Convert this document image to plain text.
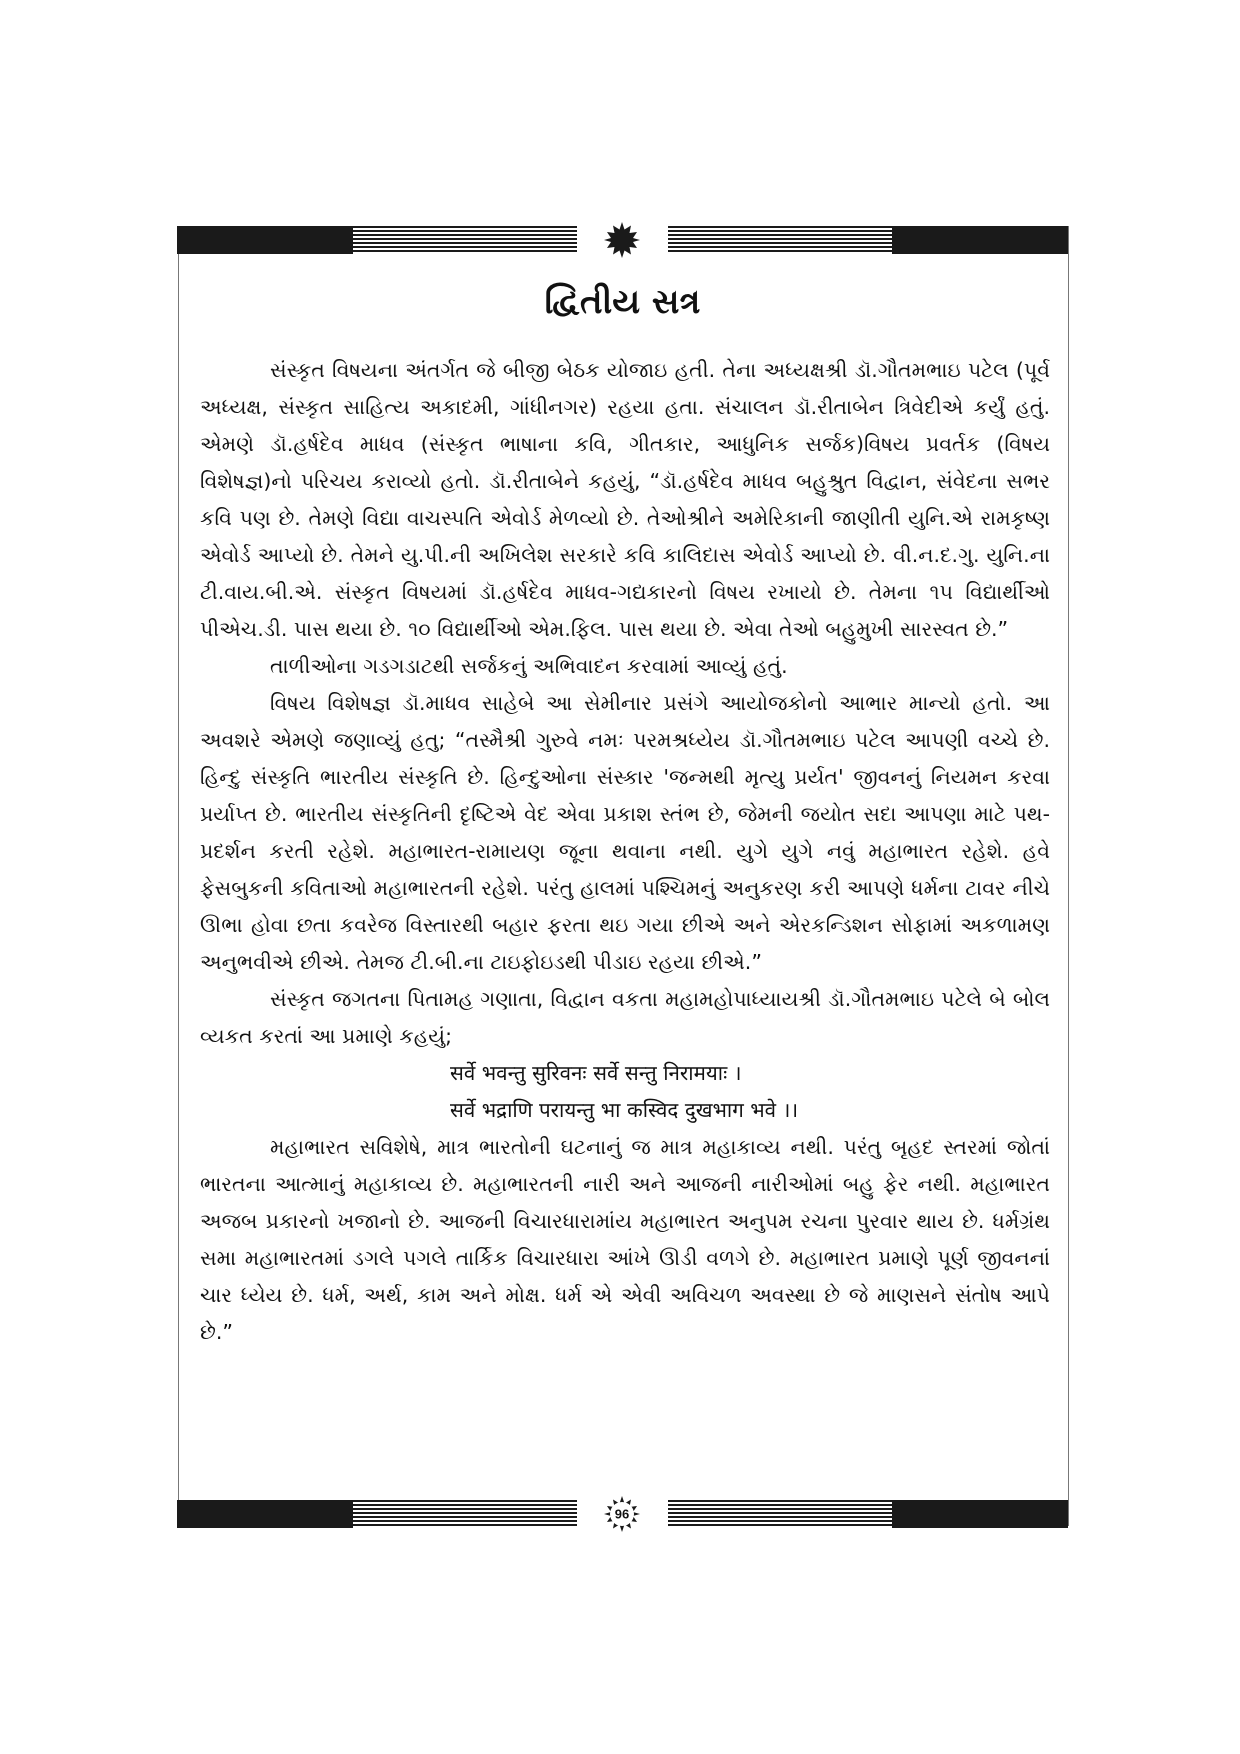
દ્વિતીય સત્ર

સંસ્કૃત વિષયના અંતર્ગત જે બીજી બેઠક યોજાઇ હતી. તેના અધ્યક્ષશ્રી ડૉ.ગૌતમભાઇ પટેલ (પૂર્વ અધ્યક્ષ, સંસ્કૃત સાહિત્ય અકાદમી, ગાંધીનગર) રહયા હતા. સંચાલન ડૉ.રીતાબેન ત્રિવેદીએ કર્યું હતું. એમણે ડૉ.હર્ષદેવ માધવ (સંસ્કૃત ભાષાના કવિ, ગીતકાર, આધુનિક સર્જક)વિષય પ્રવર્તક (વિષય વિશેષજ્ઞ)નો પરિચય કરાવ્યો હતો. ડૉ.રીતાબેને કહયું, “ડૉ.હર્ષદેવ માધવ બહુશ્રુત વિદ્વાન, સંવેદના સભર કવિ પણ છે. તેમણે વિદ્યા વાચસ્પતિ એવોર્ડ મેળવ્યો છે. તેઓશ્રીને અમેરિકાની જાણીતી યુનિ.એ રામકૃષ્ણ એવોર્ડ આપ્યો છે. તેમને યુ.પી.ની અખિલેશ સરકારે કવિ કાલિદાસ એવોર્ડ આપ્યો છે. વી.ન.દ.ગુ. યુનિ.ના ટી.વાય.બી.એ. સંસ્કૃત વિષયમાં ડૉ.હર્ષદેવ માધવ-ગદ્યકારનો વિષય રખાયો છે. તેમના ૧૫ વિદ્યાર્થીઓ પીએચ.ડી. પાસ થયા છે. ૧૦ વિદ્યાર્થીઓ એમ.ફિલ. પાસ થયા છે. એવા તેઓ બહુમુખી સારસ્વત છે.”

તાળીઓના ગડગડાટથી સર્જકનું અભિવાદન કરવામાં આવ્યું હતું.

વિષય વિશેષજ્ઞ ડૉ.માધવ સાહેબે આ સેમીનાર પ્રસંગે આયોજકોનો આભાર માન્યો હતો. આ અવશરે એમણે જણાવ્યું હતુ; “તસ્મૈશ્રી ગુરુવે નમઃ પરમશ્રધ્યેય ડૉ.ગૌતમભાઇ પટેલ આપણી વચ્ચે છે. હિન્દુ સંસ્કૃતિ ભારતીય સંસ્કૃતિ છે. હિન્દુઓના સંસ્કાર 'જન્મથી મૃત્યુ પ્રર્યત' જીવનનું નિયમન કરવા પ્રર્યાપ્ત છે. ભારતીય સંસ્કૃતિની દૃષ્ટિએ વેદ એવા પ્રકાશ સ્તંભ છે, જેમની જયોત સદા આપણા માટે પથ-પ્રદર્શન કરતી રહેશે. મહાભારત-રામાયણ જૂના થવાના નથી. યુગે યુગે નવું મહાભારત રહેશે. હવે ફેસબુકની કવિતાઓ મહાભારતની રહેશે. પરંતુ હાલમાં પશ્ચિમનું અનુકરણ કરી આપણે ધર્મના ટાવર નીચે ઊભા હોવા છતા કવરેજ વિસ્તારથી બહાર ફરતા થઇ ગયા છીએ અને એરકન્ડિશન સોફામાં અકળામણ અનુભવીએ છીએ. તેમજ ટી.બી.ના ટાઇફોઇડથી પીડાઇ રહયા છીએ.”

સંસ્કૃત જગતના પિતામહ ગણાતા, વિદ્વાન વકતા મહામહોપાધ્યાયશ્રી ડૉ.ગૌતમભાઇ પટેલે બે બોલ વ્યકત કરતાં આ પ્રમાણે કહયું;

सर्वे भवन्तु सुरिवनः सर्वे सन्तु निरामयाः ।

सर्वे भद्राणि परायन्तु भा कस्विद दुखभाग भवे ।।

મહાભારત સવિશેષે, માત્ર ભારતોની ઘટનાનું જ માત્ર મહાકાવ્ય નથી. પરંતુ બૃહદ સ્તરમાં જોતાં ભારતના આત્માનું મહાકાવ્ય છે. મહાભારતની નારી અને આજની નારીઓમાં બહુ ફેર નથી. મહાભારત અજબ પ્રકારનો ખજાનો છે. આજની વિચારધારામાંય મહાભારત અનુપમ રચના પુરવાર થાય છે. ધર્મગ્રંથ સમા મહાભારતમાં ડગલે પગલે તાર્કિક વિચારધારા આંખે ઊડી વળગે છે. મહાભારત પ્રમાણે પૂર્ણ જીવનનાં ચાર ધ્યેય છે. ધર્મ, અર્થ, કામ અને મોક્ષ. ધર્મ એ એવી અવિચળ અવસ્થા છે જે માણસને સંતોષ આપે છે.”

96
